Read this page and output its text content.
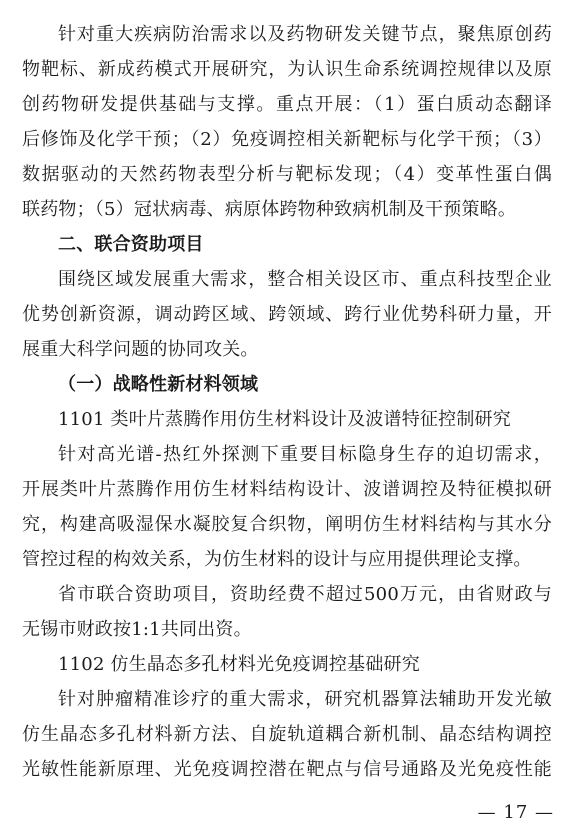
针对重大疾病防治需求以及药物研发关键节点，聚焦原创药
物靶标、新成药模式开展研究，为认识生命系统调控规律以及原
创药物研发提供基础与支撑。重点开展：（1）蛋白质动态翻译
后修饰及化学干预；（2）免疫调控相关新靶标与化学干预；（3）
数据驱动的天然药物表型分析与靶标发现；（4）变革性蛋白偶
联药物；（5）冠状病毒、病原体跨物种致病机制及干预策略。
二、联合资助项目
围绕区域发展重大需求，整合相关设区市、重点科技型企业
优势创新资源，调动跨区域、跨领域、跨行业优势科研力量，开
展重大科学问题的协同攻关。
（一）战略性新材料领域
1101 类叶片蒸腾作用仿生材料设计及波谱特征控制研究
针对高光谱-热红外探测下重要目标隐身生存的迫切需求，
开展类叶片蒸腾作用仿生材料结构设计、波谱调控及特征模拟研
究，构建高吸湿保水凝胶复合织物，阐明仿生材料结构与其水分
管控过程的构效关系，为仿生材料的设计与应用提供理论支撑。
省市联合资助项目，资助经费不超过500万元，由省财政与
无锡市财政按1:1共同出资。
1102 仿生晶态多孔材料光免疫调控基础研究
针对肿瘤精准诊疗的重大需求，研究机器算法辅助开发光敏
仿生晶态多孔材料新方法、自旋轨道耦合新机制、晶态结构调控
光敏性能新原理、光免疫调控潜在靶点与信号通路及光免疫性能
— 17 —
